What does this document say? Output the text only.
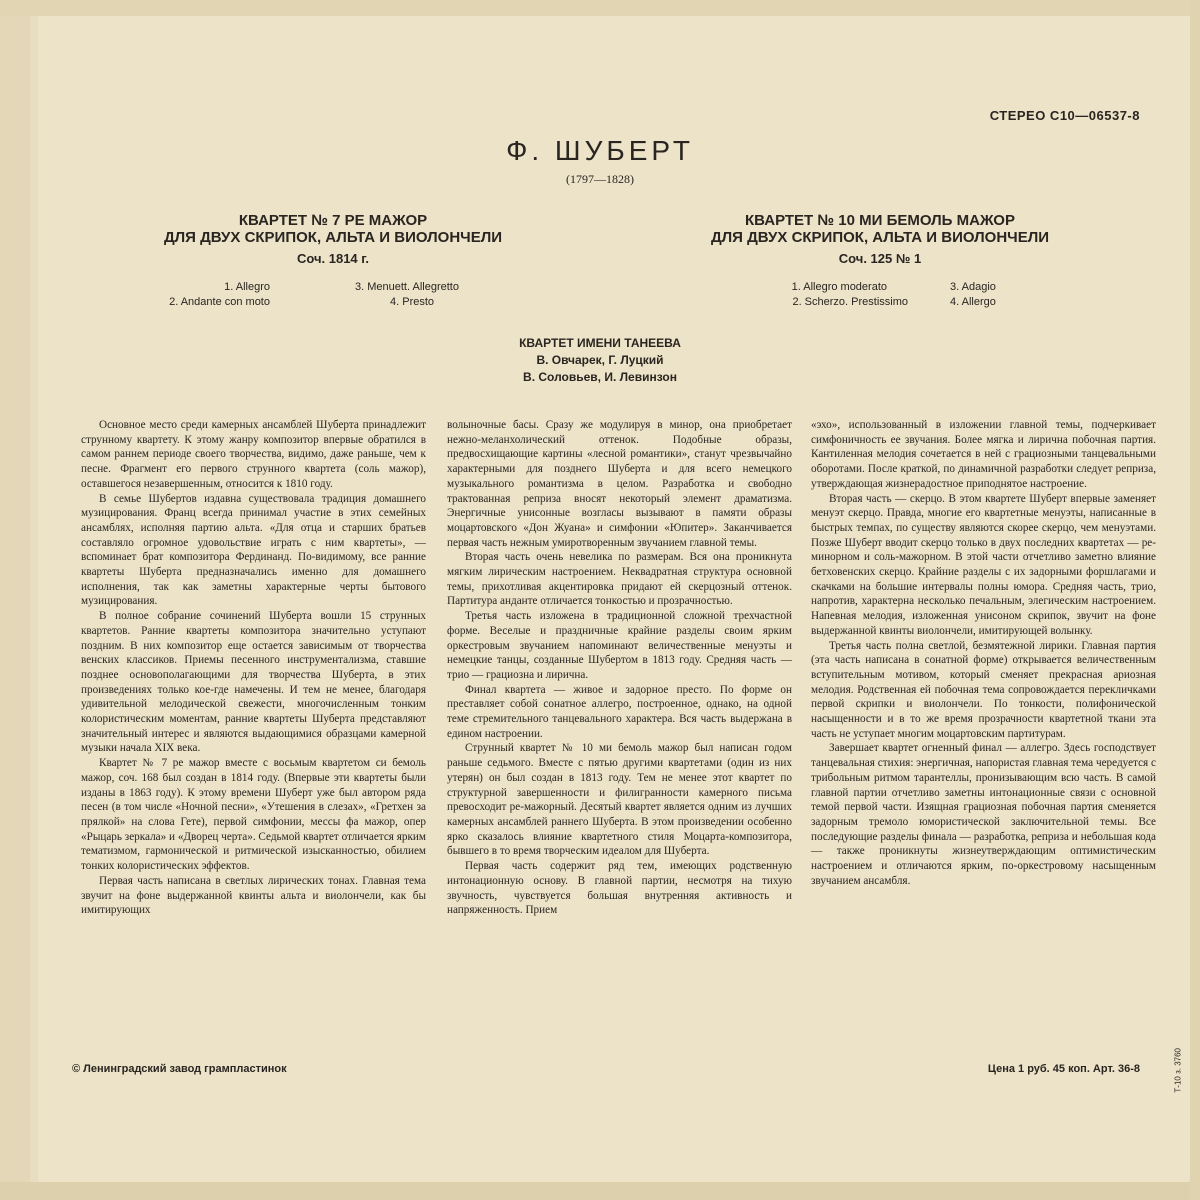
СТЕРЕО С10—06537-8
Ф. ШУБЕРТ
(1797—1828)
КВАРТЕТ № 7 РЕ МАЖОР
ДЛЯ ДВУХ СКРИПОК, АЛЬТА И ВИОЛОНЧЕЛИ
Соч. 1814 г.
КВАРТЕТ № 10 МИ БЕМОЛЬ МАЖОР
ДЛЯ ДВУХ СКРИПОК, АЛЬТА И ВИОЛОНЧЕЛИ
Соч. 125 № 1
1. Allegro
2. Andante con moto
3. Menuett. Allegretto
4. Presto
1. Allegro moderato
2. Scherzo. Prestissimo
3. Adagio
4. Allergo
КВАРТЕТ ИМЕНИ ТАНЕЕВА
В. Овчарек, Г. Луцкий
В. Соловьев, И. Левинзон

Основное место среди камерных ансамблей Шуберта принадлежит струнному квартету. К этому жанру композитор впервые обратился в самом раннем периоде своего творчества, видимо, даже раньше, чем к песне. Фрагмент его первого струнного квартета (соль мажор), оставшегося незавершенным, относится к 1810 году.

В семье Шубертов издавна существовала традиция домашнего музицирования. Франц всегда принимал участие в этих семейных ансамблях, исполняя партию альта. «Для отца и старших братьев составляло огромное удовольствие играть с ним квартеты», — вспоминает брат композитора Фердинанд. По-видимому, все ранние квартеты Шуберта предназначались именно для домашнего исполнения, так как заметны характерные черты бытового музицирования.

В полное собрание сочинений Шуберта вошли 15 струнных квартетов. Ранние квартеты композитора значительно уступают поздним. В них композитор еще остается зависимым от творчества венских классиков. Приемы песенного инструментализма, ставшие позднее основополагающими для творчества Шуберта, в этих произведениях только кое-где намечены. И тем не менее, благодаря удивительной мелодической свежести, многочисленным тонким колористическим моментам, ранние квартеты Шуберта представляют значительный интерес и являются выдающимися образцами камерной музыки начала XIX века.

Квартет № 7 ре мажор вместе с восьмым квартетом си бемоль мажор, соч. 168 был создан в 1814 году. (Впервые эти квартеты были изданы в 1863 году). К этому времени Шуберт уже был автором ряда песен (в том числе «Ночной песни», «Утешения в слезах», «Гретхен за прялкой» на слова Гете), первой симфонии, мессы фа мажор, опер «Рыцарь зеркала» и «Дворец черта». Седьмой квартет отличается ярким тематизмом, гармонической и ритмической изысканностью, обилием тонких колористических эффектов.

Первая часть написана в светлых лирических тонах. Главная тема звучит на фоне выдержанной квинты альта и виолончели, как бы имитирующих

волыночные басы. Сразу же модулируя в минор, она приобретает нежно-меланхолический оттенок. Подобные образы, предвосхищающие картины «лесной романтики», станут чрезвычайно характерными для позднего Шуберта и для всего немецкого музыкального романтизма в целом. Разработка и свободно трактованная реприза вносят некоторый элемент драматизма. Энергичные унисонные возгласы вызывают в памяти образы моцартовского «Дон Жуана» и симфонии «Юпитер». Заканчивается первая часть нежным умиротворенным звучанием главной темы.

Вторая часть очень невелика по размерам. Вся она проникнута мягким лирическим настроением. Неквадратная структура основной темы, прихотливая акцентировка придают ей скерцозный оттенок. Партитура анданте отличается тонкостью и прозрачностью.

Третья часть изложена в традиционной сложной трехчастной форме. Веселые и праздничные крайние разделы своим ярким оркестровым звучанием напоминают величественные менуэты и немецкие танцы, созданные Шубертом в 1813 году. Средняя часть — трио — грациозна и лирична.

Финал квартета — живое и задорное престо. По форме он преставляет собой сонатное аллегро, построенное, однако, на одной теме стремительного танцевального характера. Вся часть выдержана в едином настроении.

Струнный квартет № 10 ми бемоль мажор был написан годом раньше седьмого. Вместе с пятью другими квартетами (один из них утерян) он был создан в 1813 году. Тем не менее этот квартет по структурной завершенности и филигранности камерного письма превосходит ре-мажорный. Десятый квартет является одним из лучших камерных ансамблей раннего Шуберта. В этом произведении особенно ярко сказалось влияние квартетного стиля Моцарта-композитора, бывшего в то время творческим идеалом для Шуберта.

Первая часть содержит ряд тем, имеющих родственную интонационную основу. В главной партии, несмотря на тихую звучность, чувствуется большая внутренняя активность и напряженность. Прием

«эхо», использованный в изложении главной темы, подчеркивает симфоничность ее звучания. Более мягка и лирична побочная партия. Кантиленная мелодия сочетается в ней с грациозными танцевальными оборотами. После краткой, по динамичной разработки следует реприза, утверждающая жизнерадостное приподнятое настроение.

Вторая часть — скерцо. В этом квартете Шуберт впервые заменяет менуэт скерцо. Правда, многие его квартетные менуэты, написанные в быстрых темпах, по существу являются скорее скерцо, чем менуэтами. Позже Шуберт вводит скерцо только в двух последних квартетах — ре-минорном и соль-мажорном. В этой части отчетливо заметно влияние бетховенских скерцо. Крайние разделы с их задорными форшлагами и скачками на большие интервалы полны юмора. Средняя часть, трио, напротив, характерна несколько печальным, элегическим настроением. Напевная мелодия, изложенная унисоном скрипок, звучит на фоне выдержанной квинты виолончели, имитирующей волынку.

Третья часть полна светлой, безмятежной лирики. Главная партия (эта часть написана в сонатной форме) открывается величественным вступительным мотивом, который сменяет прекрасная ариозная мелодия. Родственная ей побочная тема сопровождается перекличками первой скрипки и виолончели. По тонкости, полифонической насыщенности и в то же время прозрачности квартетной ткани эта часть не уступает многим моцартовским партитурам.

Завершает квартет огненный финал — аллегро. Здесь господствует танцевальная стихия: энергичная, напористая главная тема чередуется с трибольным ритмом тарантеллы, пронизывающим всю часть. В самой главной партии отчетливо заметны интонационные связи с основной темой первой части. Изящная грациозная побочная партия сменяется задорным тремоло юмористической заключительной темы. Все последующие разделы финала — разработка, реприза и небольшая кода — также проникнуты жизнеутверждающим оптимистическим настроением и отличаются ярким, по-оркестровому насыщенным звучанием ансамбля.

© Ленинградский завод грампластинок	Цена 1 руб. 45 коп. Арт. 36-8	Т-10 з. 3760
